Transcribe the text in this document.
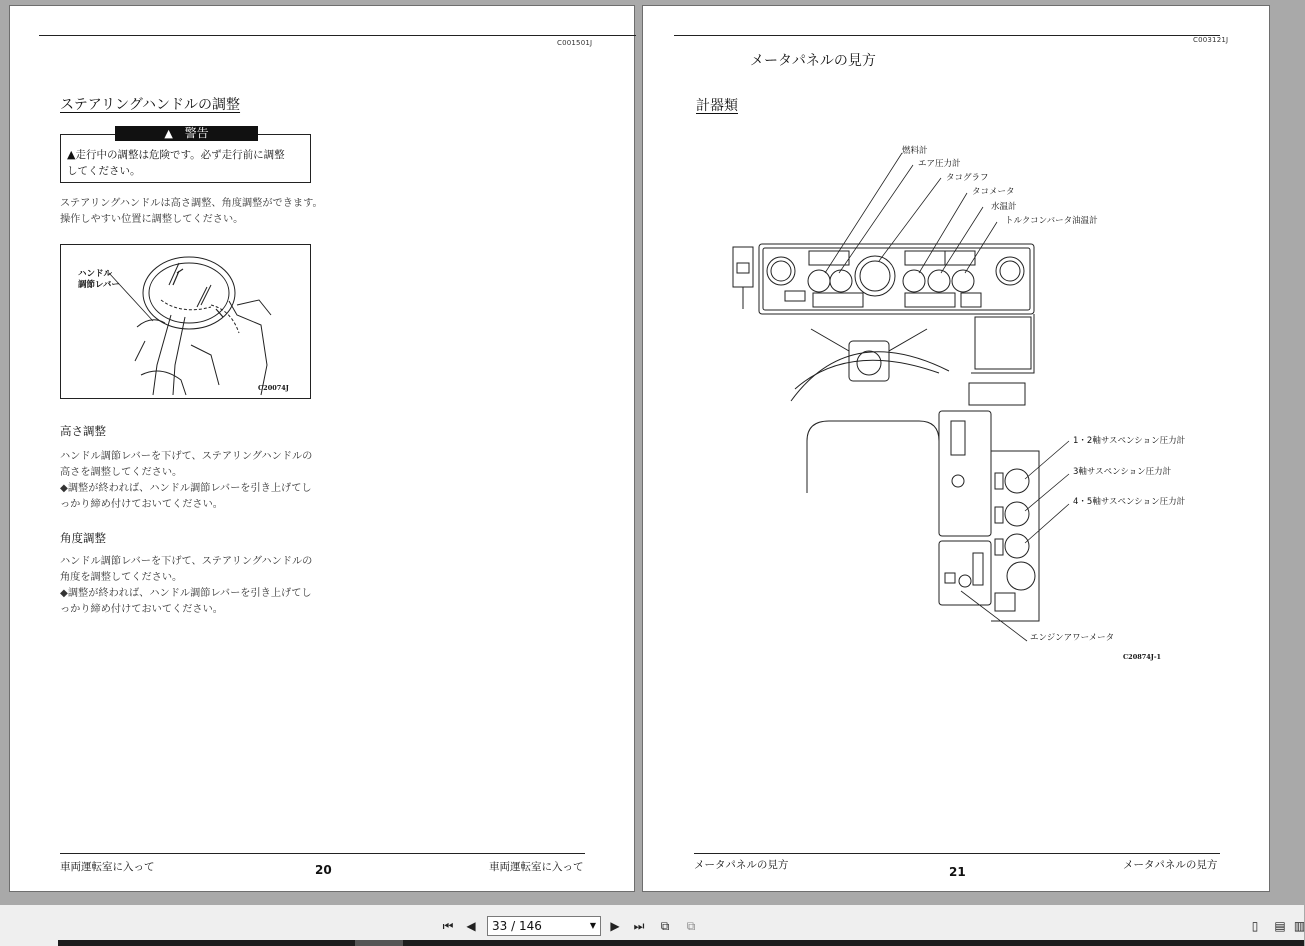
C001501J
ステアリングハンドルの調整
▲ 警告
▲走行中の調整は危険です。必ず走行前に調整
してください。
ステアリングハンドルは高さ調整、角度調整ができます。
操作しやすい位置に調整してください。
ハンドル
調節レバー
C20074J
高さ調整
ハンドル調節レバーを下げて、ステアリングハンドルの
高さを調整してください。
◆調整が終われば、ハンドル調節レバーを引き上げてし
っかり締め付けておいてください。
角度調整
ハンドル調節レバーを下げて、ステアリングハンドルの
角度を調整してください。
◆調整が終われば、ハンドル調節レバーを引き上げてし
っかり締め付けておいてください。
車両運転室に入って	20	車両運転室に入って
C003121J
メータパネルの見方
計器類
燃料計
エア圧力計
タコグラフ
タコメータ
水温計
トルクコンバータ油温計
1・2軸サスペンション圧力計
3軸サスペンション圧力計
4・5軸サスペンション圧力計
エンジンアワーメータ
C20874J-1
メータパネルの見方	21	メータパネルの見方
⏮	◀	33 / 146	▼	▶	⏭	⧉	⧉	▯	▤ ▥
